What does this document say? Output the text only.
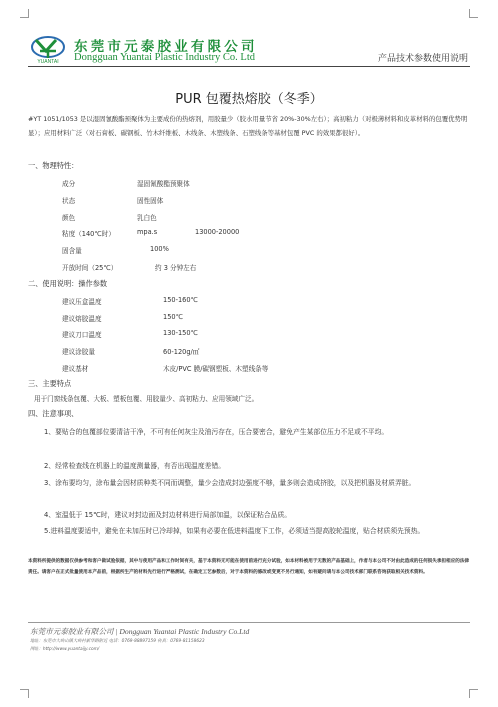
YUANTAI
东莞市元泰胶业有限公司
Dongguan Yuantai Plastic Industry Co. Ltd	产品技术参数使用说明
PUR 包覆热熔胶（冬季）
#YT 1051/1053 是以湿固氰酸酯预聚体为主要成份的热熔剂，用胶量少（胶水用量节省 20%-30%左右）；高初粘力（对极薄材料和皮革材料的包覆优势明显）；应用材料广泛（对石膏板、碳钢板、竹木纤维板、木线条、木塑线条、石塑线条等基材包覆 PVC 的效果都很好）。
一、物理特性：
成分	湿固氰酸酯预聚体
状态	固性固体
颜色	乳白色
粘度（140℃时）	mpa.s	13000-20000
固含量	100%
开放时间（25℃）	约 3 分钟左右
二、使用说明：操作参数
建议压盒温度	150-160℃
建议熔胶温度	150℃
建议刀口温度	130-150℃
建议涂胶量	60-120g/㎡
建议基材	木皮/PVC 膜/碳钢塑板、木塑线条等
三、主要特点
用于门窗线条包覆、大板、塑板包覆、用胶量少、高初粘力、应用领域广泛。
四、注意事项、
1、要贴合的包覆部位要清洁干净，不可有任何灰尘及油污存在，压合要密合，避免产生某部位压力不足或不平均。
2、经常检查线在机器上的温度测量器，有否出现温度差错。
3、涂布要均匀，涂布量会因材质种类不同而调整，量少会造成封边强度不够，量多则会造成挤胶，以及把机器及材质弄脏。
4、室温低于 15℃时，建议对封边面及封边材料进行局部加温，以保证粘合品质。
5.进料温度要适中，避免在未加压时已冷却掉，如果有必要在低进料温度下工作，必须适当提高胶轮温度，贴合材质须先预热。
本资料所提供的数据仅供参考和客户做试验依据，其中与使用产品和工作时间有关，基于本资料无可能在使用前进行充分试验，如本材料被用于无数的产品基础上，作者与本公司不对由此造成的任何损失承担相应的法律责任。请客户在正式批量使用本产品前，根据所生产的材料先行进行严格测试，在确定工艺参数后，对于本资料的修改或变更不另行通知，如有疑问请与本公司技术部门联系咨询获取相关技术资料。
东莞市元泰胶业有限公司 | Dongguan Yuantai Plastic Industry Co.Ltd
地址：东莞市大岭山镇大岭村新华路附近 电话：0769-88897159 传真：0769-81158623
网址：http://www.yuantaijy.com/
